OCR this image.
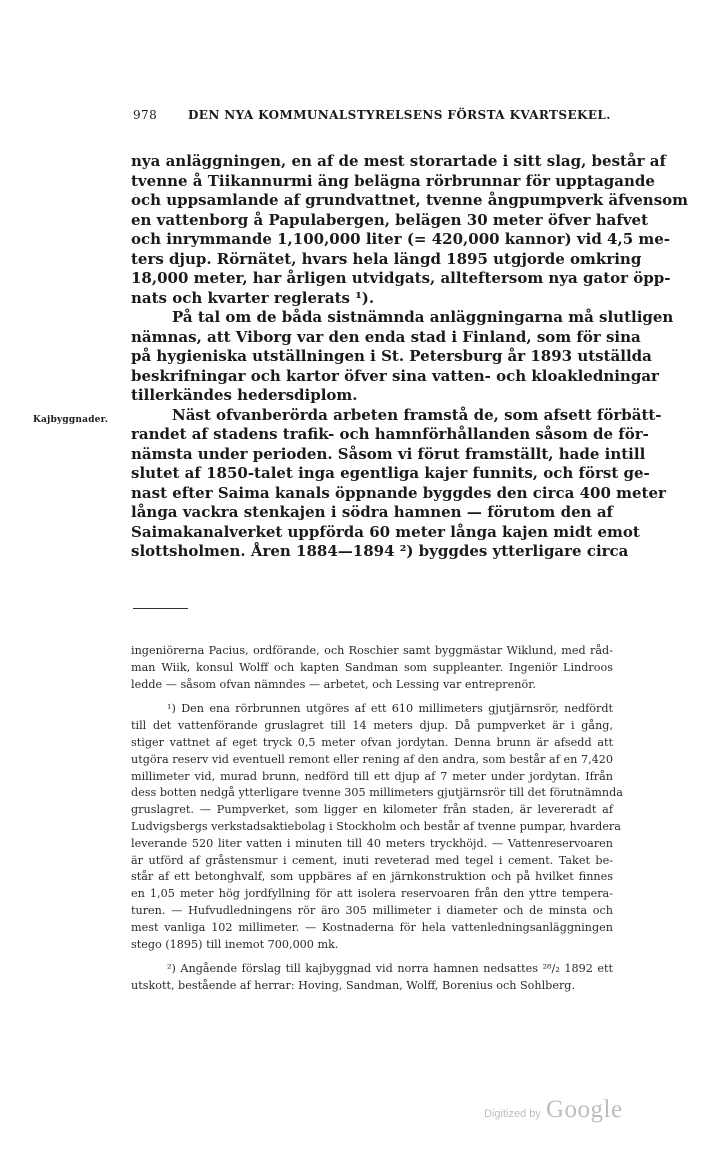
978	DEN NYA KOMMUNALSTYRELSENS FÖRSTA KVARTSEKEL.
Kajbyggnader.
nya anläggningen, en af de mest storartade i sitt slag, består af
tvenne å Tiikannurmi äng belägna rörbrunnar för upptagande
och uppsamlande af grundvattnet, tvenne ångpumpverk äfvensom
en vattenborg å Papulabergen, belägen 30 meter öfver hafvet
och inrymmande 1,100,000 liter (= 420,000 kannor) vid 4,5 me-
ters djup. Rörnätet, hvars hela längd 1895 utgjorde omkring
18,000 meter, har årligen utvidgats, allteftersom nya gator öpp-
nats och kvarter reglerats ¹).
På tal om de båda sistnämnda anläggningarna må slutligen
nämnas, att Viborg var den enda stad i Finland, som för sina
på hygieniska utställningen i St. Petersburg år 1893 utställda
beskrifningar och kartor öfver sina vatten- och kloakledningar
tillerkändes hedersdiplom.
Näst ofvanberörda arbeten framstå de, som afsett förbätt-
randet af stadens trafik- och hamnförhållanden såsom de för-
nämsta under perioden. Såsom vi förut framställt, hade intill
slutet af 1850-talet inga egentliga kajer funnits, och först ge-
nast efter Saima kanals öppnande byggdes den circa 400 meter
långa vackra stenkajen i södra hamnen — förutom den af
Saimakanalverket uppförda 60 meter långa kajen midt emot
slottsholmen. Åren 1884—1894 ²) byggdes ytterligare circa
ingeniörerna Pacius, ordförande, och Roschier samt byggmästar Wiklund, med råd-
man Wiik, konsul Wolff och kapten Sandman som suppleanter. Ingeniör Lindroos
ledde — såsom ofvan nämndes — arbetet, och Lessing var entreprenör.
¹) Den ena rörbrunnen utgöres af ett 610 millimeters gjutjärnsrör, nedfördt
till det vattenförande gruslagret till 14 meters djup. Då pumpverket är i gång,
stiger vattnet af eget tryck 0,5 meter ofvan jordytan. Denna brunn är afsedd att
utgöra reserv vid eventuell remont eller rening af den andra, som består af en 7,420
millimeter vid, murad brunn, nedförd till ett djup af 7 meter under jordytan. Ifrån
dess botten nedgå ytterligare tvenne 305 millimeters gjutjärnsrör till det förutnämnda
gruslagret. — Pumpverket, som ligger en kilometer från staden, är levereradt af
Ludvigsbergs verkstadsaktiebolag i Stockholm och består af tvenne pumpar, hvardera
leverande 520 liter vatten i minuten till 40 meters tryckhöjd. — Vattenreservoaren
är utförd af gråstensmur i cement, inuti reveterad med tegel i cement. Taket be-
står af ett betonghvalf, som uppbäres af en järnkonstruktion och på hvilket finnes
en 1,05 meter hög jordfyllning för att isolera reservoaren från den yttre tempera-
turen. — Hufvudledningens rör äro 305 millimeter i diameter och de minsta och
mest vanliga 102 millimeter. — Kostnaderna för hela vattenledningsanläggningen
stego (1895) till inemot 700,000 mk.
²) Angående förslag till kajbyggnad vid norra hamnen nedsattes ²⁸/₂ 1892 ett
utskott, bestående af herrar: Hoving, Sandman, Wolff, Borenius och Sohlberg.
Digitized by Google
